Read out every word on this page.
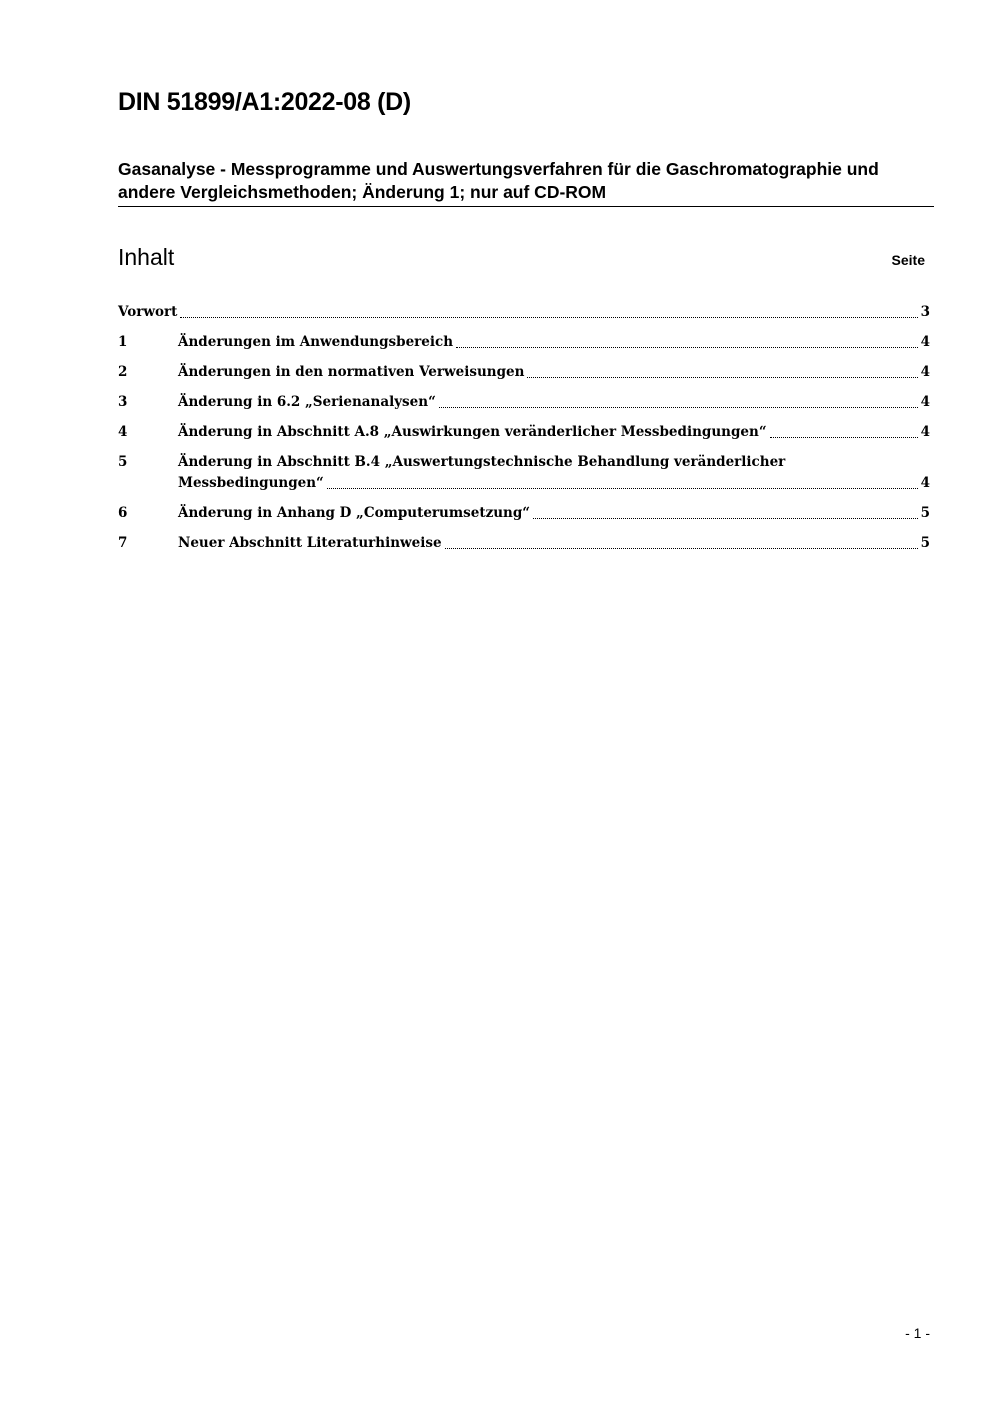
DIN 51899/A1:2022-08 (D)
Gasanalyse - Messprogramme und Auswertungsverfahren für die Gaschromatographie und andere Vergleichsmethoden; Änderung 1; nur auf CD-ROM
Inhalt	Seite
Vorwort	3
1	Änderungen im Anwendungsbereich	4
2	Änderungen in den normativen Verweisungen	4
3	Änderung in 6.2 „Serienanalysen“	4
4	Änderung in Abschnitt A.8 „Auswirkungen veränderlicher Messbedingungen“	4
5	Änderung in Abschnitt B.4 „Auswertungstechnische Behandlung veränderlicher
Messbedingungen“	4
6	Änderung in Anhang D „Computerumsetzung“	5
7	Neuer Abschnitt Literaturhinweise	5
- 1 -
